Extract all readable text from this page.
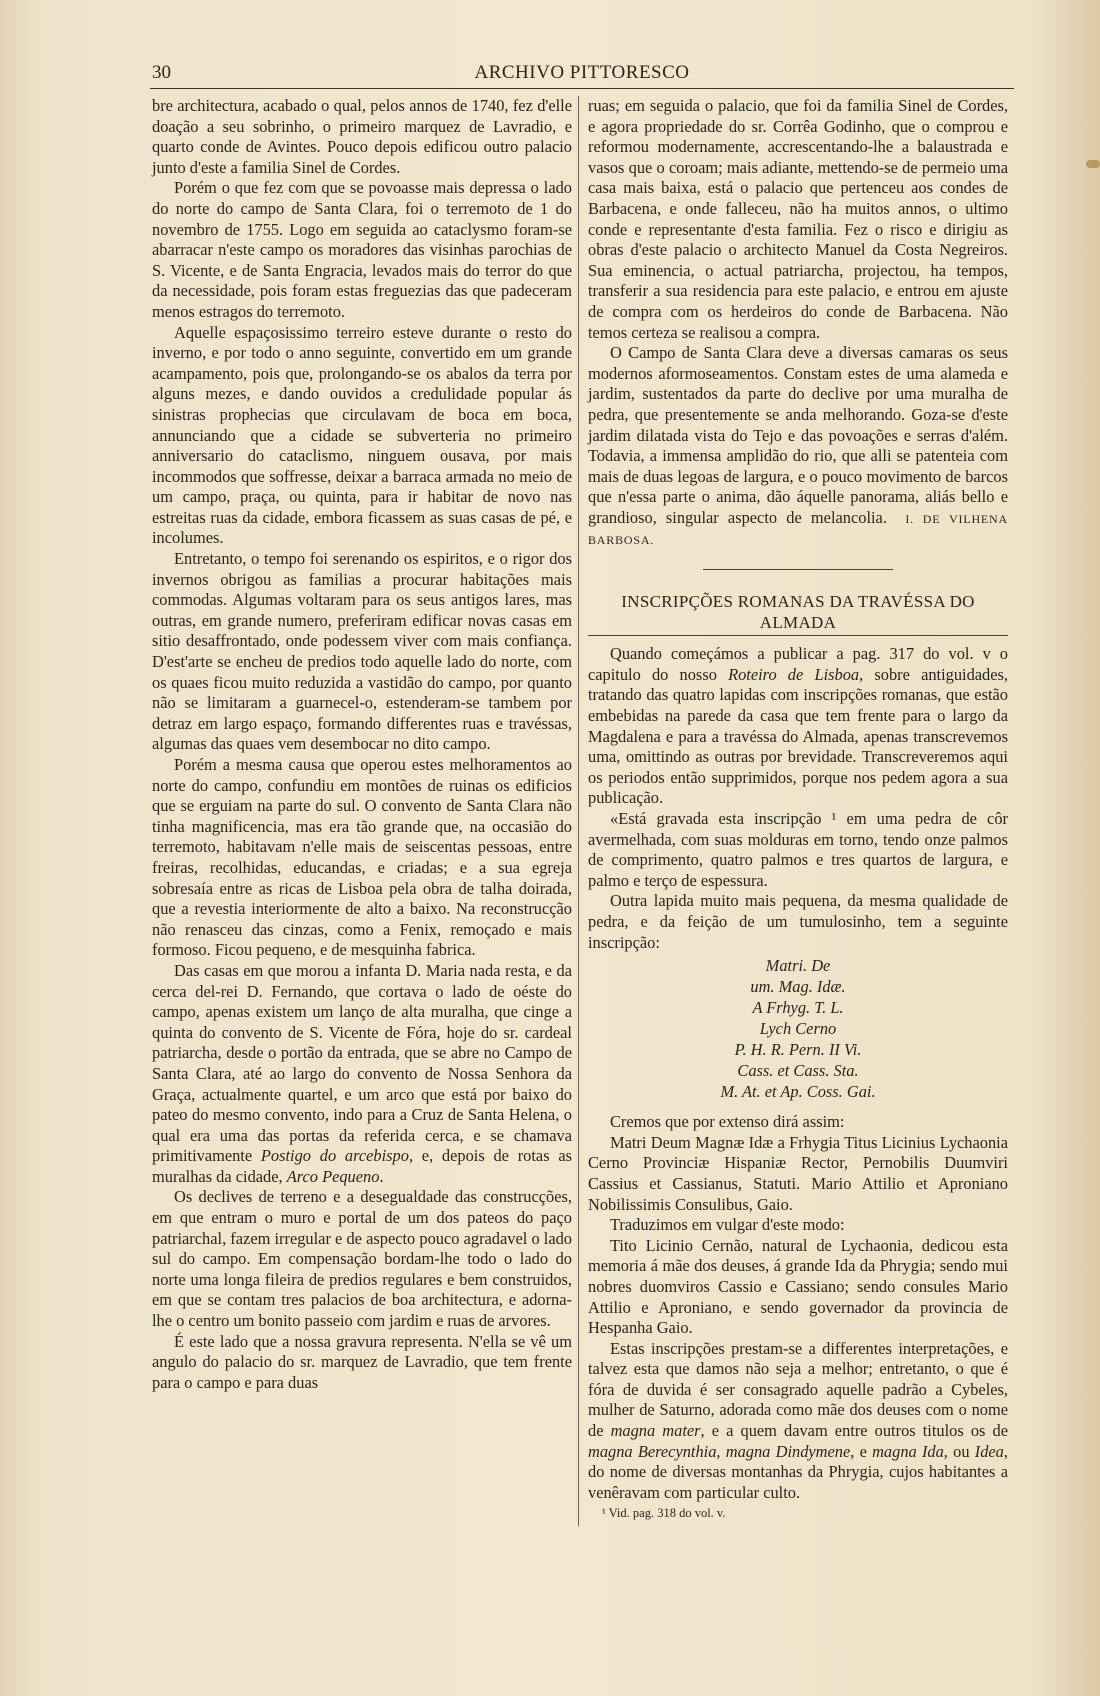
30	ARCHIVO PITTORESCO

bre architectura, acabado o qual, pelos annos de 1740, fez d'elle doação a seu sobrinho, o primeiro marquez de Lavradio, e quarto conde de Avintes. Pouco depois edificou outro palacio junto d'este a familia Sinel de Cordes.

Porém o que fez com que se povoasse mais depressa o lado do norte do campo de Santa Clara, foi o terremoto de 1 do novembro de 1755. Logo em seguida ao cataclysmo foram-se abarracar n'este campo os moradores das visinhas parochias de S. Vicente, e de Santa Engracia, levados mais do terror do que da necessidade, pois foram estas freguezias das que padeceram menos estragos do terremoto.

Aquelle espaçosissimo terreiro esteve durante o resto do inverno, e por todo o anno seguinte, convertido em um grande acampamento, pois que, prolongando-se os abalos da terra por alguns mezes, e dando ouvidos a credulidade popular ás sinistras prophecias que circulavam de boca em boca, annunciando que a cidade se subverteria no primeiro anniversario do cataclismo, ninguem ousava, por mais incommodos que soffresse, deixar a barraca armada no meio de um campo, praça, ou quinta, para ir habitar de novo nas estreitas ruas da cidade, embora ficassem as suas casas de pé, e incolumes.

Entretanto, o tempo foi serenando os espiritos, e o rigor dos invernos obrigou as familias a procurar habitações mais commodas. Algumas voltaram para os seus antigos lares, mas outras, em grande numero, preferiram edificar novas casas em sitio desaffrontado, onde podessem viver com mais confiança. D'est'arte se encheu de predios todo aquelle lado do norte, com os quaes ficou muito reduzida a vastidão do campo, por quanto não se limitaram a guarnecel-o, estenderam-se tambem por detraz em largo espaço, formando differentes ruas e travéssas, algumas das quaes vem desembocar no dito campo.

Porém a mesma causa que operou estes melhoramentos ao norte do campo, confundiu em montões de ruinas os edificios que se erguiam na parte do sul. O convento de Santa Clara não tinha magnificencia, mas era tão grande que, na occasião do terremoto, habitavam n'elle mais de seiscentas pessoas, entre freiras, recolhidas, educandas, e criadas; e a sua egreja sobresaía entre as ricas de Lisboa pela obra de talha doirada, que a revestia interiormente de alto a baixo. Na reconstrucção não renasceu das cinzas, como a Fenix, remoçado e mais formoso. Ficou pequeno, e de mesquinha fabrica.

Das casas em que morou a infanta D. Maria nada resta, e da cerca del-rei D. Fernando, que cortava o lado de oéste do campo, apenas existem um lanço de alta muralha, que cinge a quinta do convento de S. Vicente de Fóra, hoje do sr. cardeal patriarcha, desde o portão da entrada, que se abre no Campo de Santa Clara, até ao largo do convento de Nossa Senhora da Graça, actualmente quartel, e um arco que está por baixo do pateo do mesmo convento, indo para a Cruz de Santa Helena, o qual era uma das portas da referida cerca, e se chamava primitivamente Postigo do arcebispo, e, depois de rotas as muralhas da cidade, Arco Pequeno.

Os declives de terreno e a desegualdade das construcções, em que entram o muro e portal de um dos pateos do paço patriarchal, fazem irregular e de aspecto pouco agradavel o lado sul do campo. Em compensação bordam-lhe todo o lado do norte uma longa fileira de predios regulares e bem construidos, em que se contam tres palacios de boa architectura, e adorna-lhe o centro um bonito passeio com jardim e ruas de arvores.

É este lado que a nossa gravura representa. N'ella se vê um angulo do palacio do sr. marquez de Lavradio, que tem frente para o campo e para duas

ruas; em seguida o palacio, que foi da familia Sinel de Cordes, e agora propriedade do sr. Corrêa Godinho, que o comprou e reformou modernamente, accrescentando-lhe a balaustrada e vasos que o coroam; mais adiante, mettendo-se de permeio uma casa mais baixa, está o palacio que pertenceu aos condes de Barbacena, e onde falleceu, não ha muitos annos, o ultimo conde e representante d'esta familia. Fez o risco e dirigiu as obras d'este palacio o architecto Manuel da Costa Negreiros. Sua eminencia, o actual patriarcha, projectou, ha tempos, transferir a sua residencia para este palacio, e entrou em ajuste de compra com os herdeiros do conde de Barbacena. Não temos certeza se realisou a compra.

O Campo de Santa Clara deve a diversas camaras os seus modernos aformoseamentos. Constam estes de uma alameda e jardim, sustentados da parte do declive por uma muralha de pedra, que presentemente se anda melhorando. Goza-se d'este jardim dilatada vista do Tejo e das povoações e serras d'além. Todavia, a immensa amplidão do rio, que alli se patenteia com mais de duas legoas de largura, e o pouco movimento de barcos que n'essa parte o anima, dão áquelle panorama, aliás bello e grandioso, singular aspecto de melancolia. I. DE VILHENA BARBOSA.

INSCRIPÇÕES ROMANAS DA TRAVÉSSA DO ALMADA

Quando começámos a publicar a pag. 317 do vol. v o capitulo do nosso Roteiro de Lisboa, sobre antiguidades, tratando das quatro lapidas com inscripções romanas, que estão embebidas na parede da casa que tem frente para o largo da Magdalena e para a travéssa do Almada, apenas transcrevemos uma, omittindo as outras por brevidade. Transcreveremos aqui os periodos então supprimidos, porque nos pedem agora a sua publicação.

«Está gravada esta inscripção ¹ em uma pedra de côr avermelhada, com suas molduras em torno, tendo onze palmos de comprimento, quatro palmos e tres quartos de largura, e palmo e terço de espessura.

Outra lapida muito mais pequena, da mesma qualidade de pedra, e da feição de um tumulosinho, tem a seguinte inscripção:

Matri. De
um. Mag. Idæ.
A Frhyg. T. L.
Lych Cerno
P. H. R. Pern. II Vi.
Cass. et Cass. Sta.
M. At. et Ap. Coss. Gai.

Cremos que por extenso dirá assim:

Matri Deum Magnæ Idæ a Frhygia Titus Licinius Lychaonia Cerno Provinciæ Hispaniæ Rector, Pernobilis Duumviri Cassius et Cassianus, Statuti. Mario Attilio et Aproniano Nobilissimis Consulibus, Gaio.

Traduzimos em vulgar d'este modo:

Tito Licinio Cernão, natural de Lychaonia, dedicou esta memoria á mãe dos deuses, á grande Ida da Phrygia; sendo mui nobres duomviros Cassio e Cassiano; sendo consules Mario Attilio e Aproniano, e sendo governador da provincia de Hespanha Gaio.

Estas inscripções prestam-se a differentes interpretações, e talvez esta que damos não seja a melhor; entretanto, o que é fóra de duvida é ser consagrado aquelle padrão a Cybeles, mulher de Saturno, adorada como mãe dos deuses com o nome de magna mater, e a quem davam entre outros titulos os de magna Berecynthia, magna Dindymene, e magna Ida, ou Idea, do nome de diversas montanhas da Phrygia, cujos habitantes a venêravam com particular culto.

¹ Vid. pag. 318 do vol. v.
